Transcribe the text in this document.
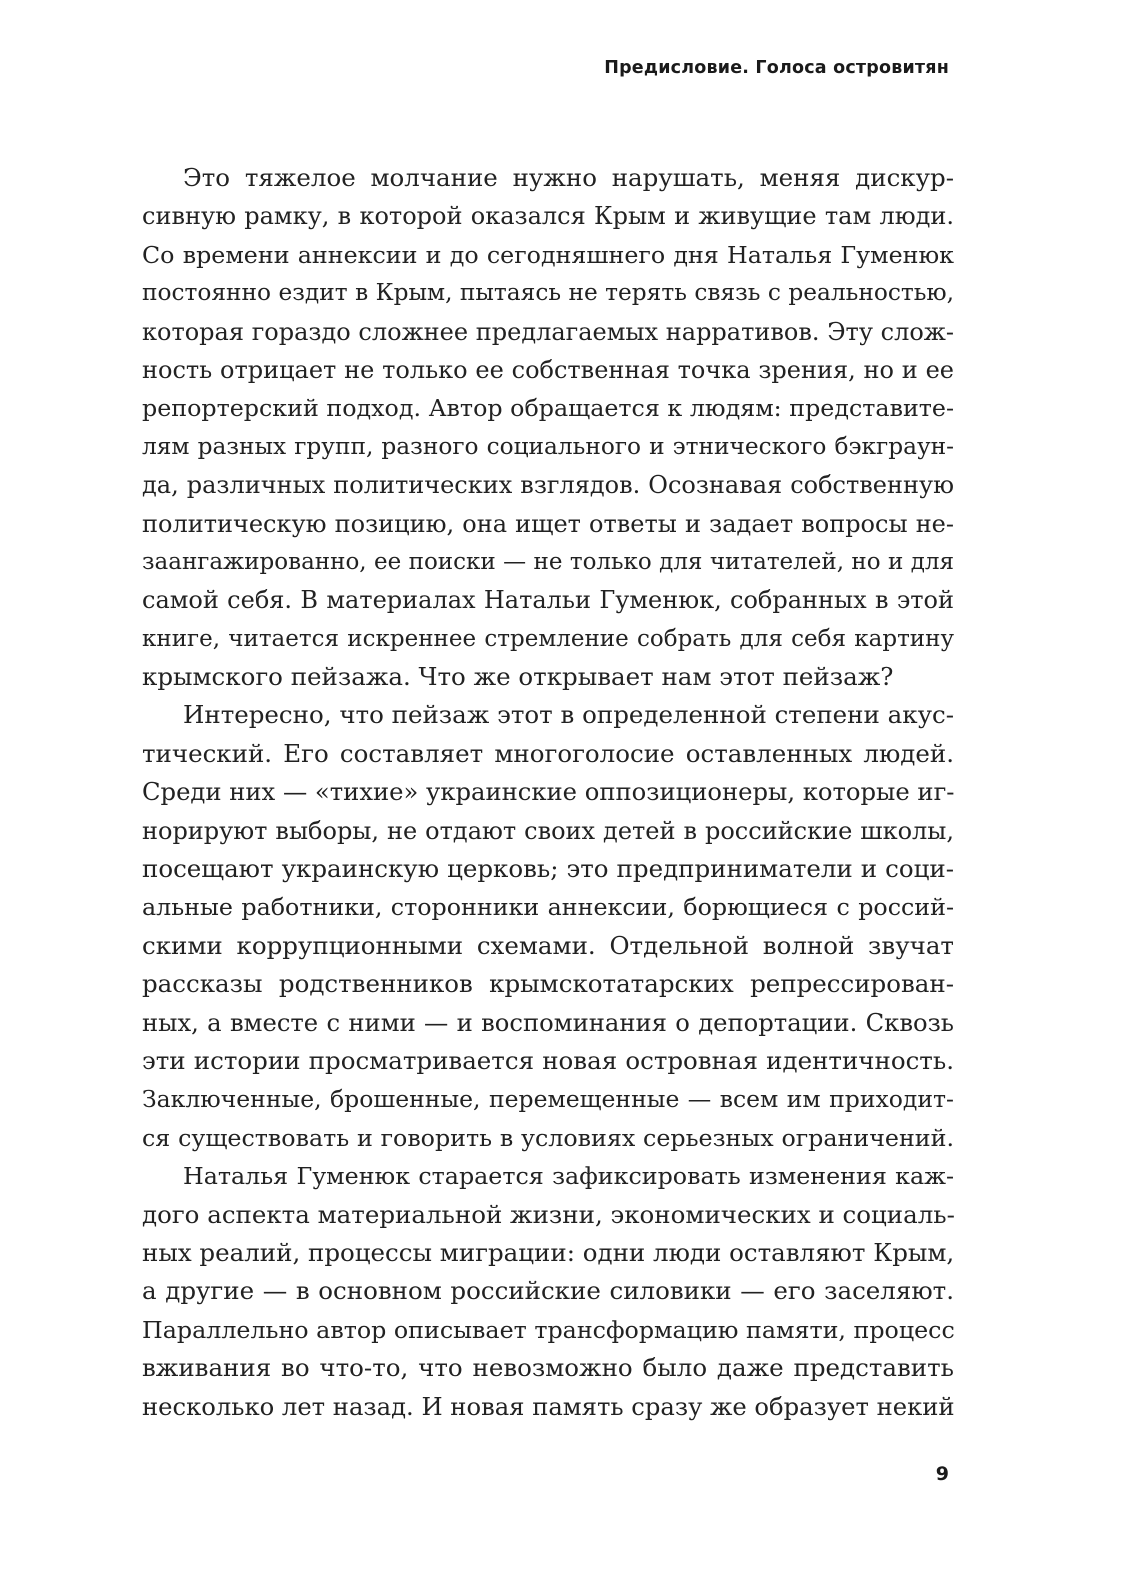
Предисловие. Голоса островитян
Это тяжелое молчание нужно нарушать, меняя дискур-
сивную рамку, в которой оказался Крым и живущие там люди.
Со времени аннексии и до сегодняшнего дня Наталья Гуменюк
постоянно ездит в Крым, пытаясь не терять связь с реальностью,
которая гораздо сложнее предлагаемых нарративов. Эту слож-
ность отрицает не только ее собственная точка зрения, но и ее
репортерский подход. Автор обращается к людям: представите-
лям разных групп, разного социального и этнического бэкграун-
да, различных политических взглядов. Осознавая собственную
политическую позицию, она ищет ответы и задает вопросы не-
заангажированно, ее поиски — не только для читателей, но и для
самой себя. В материалах Натальи Гуменюк, собранных в этой
книге, читается искреннее стремление собрать для себя картину
крымского пейзажа. Что же открывает нам этот пейзаж?
Интересно, что пейзаж этот в определенной степени акус-
тический. Его составляет многоголосие оставленных людей.
Среди них — «тихие» украинские оппозиционеры, которые иг-
норируют выборы, не отдают своих детей в российские школы,
посещают украинскую церковь; это предприниматели и соци-
альные работники, сторонники аннексии, борющиеся с россий-
скими коррупционными схемами. Отдельной волной звучат
рассказы родственников крымскотатарских репрессирован-
ных, а вместе с ними — и воспоминания о депортации. Сквозь
эти истории просматривается новая островная идентичность.
Заключенные, брошенные, перемещенные — всем им приходит-
ся существовать и говорить в условиях серьезных ограничений.
Наталья Гуменюк старается зафиксировать изменения каж-
дого аспекта материальной жизни, экономических и социаль-
ных реалий, процессы миграции: одни люди оставляют Крым,
а другие — в основном российские силовики — его заселяют.
Параллельно автор описывает трансформацию памяти, процесс
вживания во что-то, что невозможно было даже представить
несколько лет назад. И новая память сразу же образует некий
9
